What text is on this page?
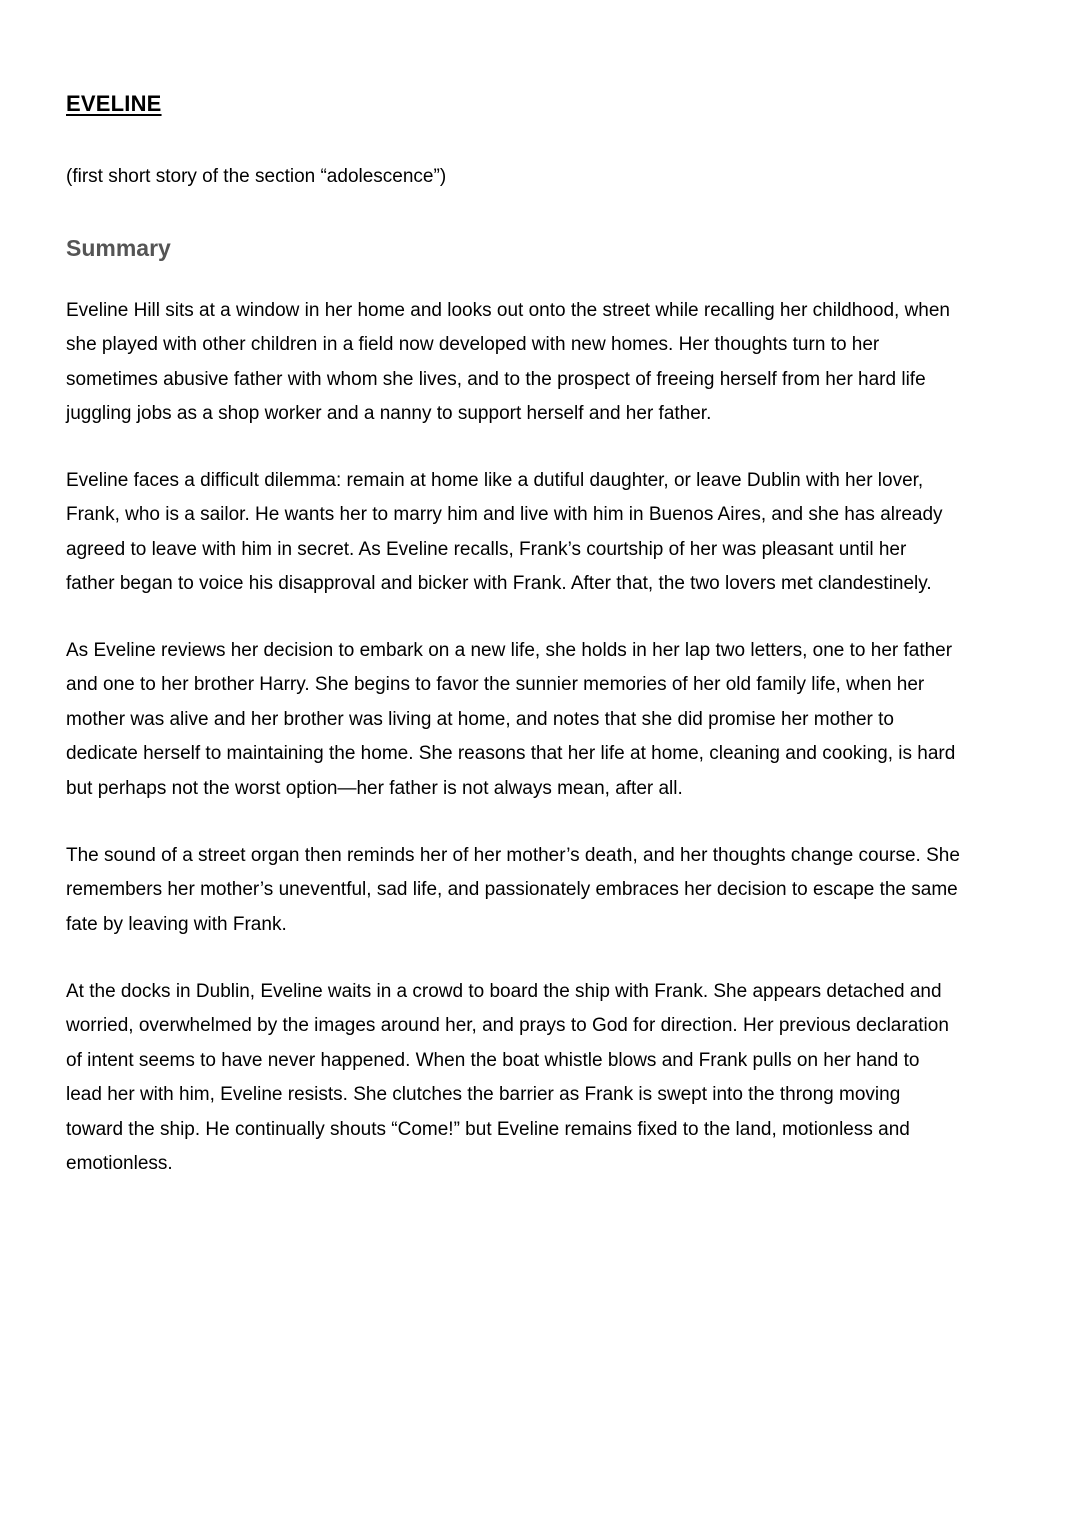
EVELINE

(first short story of the section “adolescence”)

Summary

Eveline Hill sits at a window in her home and looks out onto the street while recalling her childhood, when
she played with other children in a field now developed with new homes. Her thoughts turn to her
sometimes abusive father with whom she lives, and to the prospect of freeing herself from her hard life
juggling jobs as a shop worker and a nanny to support herself and her father.

Eveline faces a difficult dilemma: remain at home like a dutiful daughter, or leave Dublin with her lover,
Frank, who is a sailor. He wants her to marry him and live with him in Buenos Aires, and she has already
agreed to leave with him in secret. As Eveline recalls, Frank’s courtship of her was pleasant until her
father began to voice his disapproval and bicker with Frank. After that, the two lovers met clandestinely.

As Eveline reviews her decision to embark on a new life, she holds in her lap two letters, one to her father
and one to her brother Harry. She begins to favor the sunnier memories of her old family life, when her
mother was alive and her brother was living at home, and notes that she did promise her mother to
dedicate herself to maintaining the home. She reasons that her life at home, cleaning and cooking, is hard
but perhaps not the worst option—her father is not always mean, after all.

The sound of a street organ then reminds her of her mother’s death, and her thoughts change course. She
remembers her mother’s uneventful, sad life, and passionately embraces her decision to escape the same
fate by leaving with Frank.

At the docks in Dublin, Eveline waits in a crowd to board the ship with Frank. She appears detached and
worried, overwhelmed by the images around her, and prays to God for direction. Her previous declaration
of intent seems to have never happened. When the boat whistle blows and Frank pulls on her hand to
lead her with him, Eveline resists. She clutches the barrier as Frank is swept into the throng moving
toward the ship. He continually shouts “Come!” but Eveline remains fixed to the land, motionless and
emotionless.
